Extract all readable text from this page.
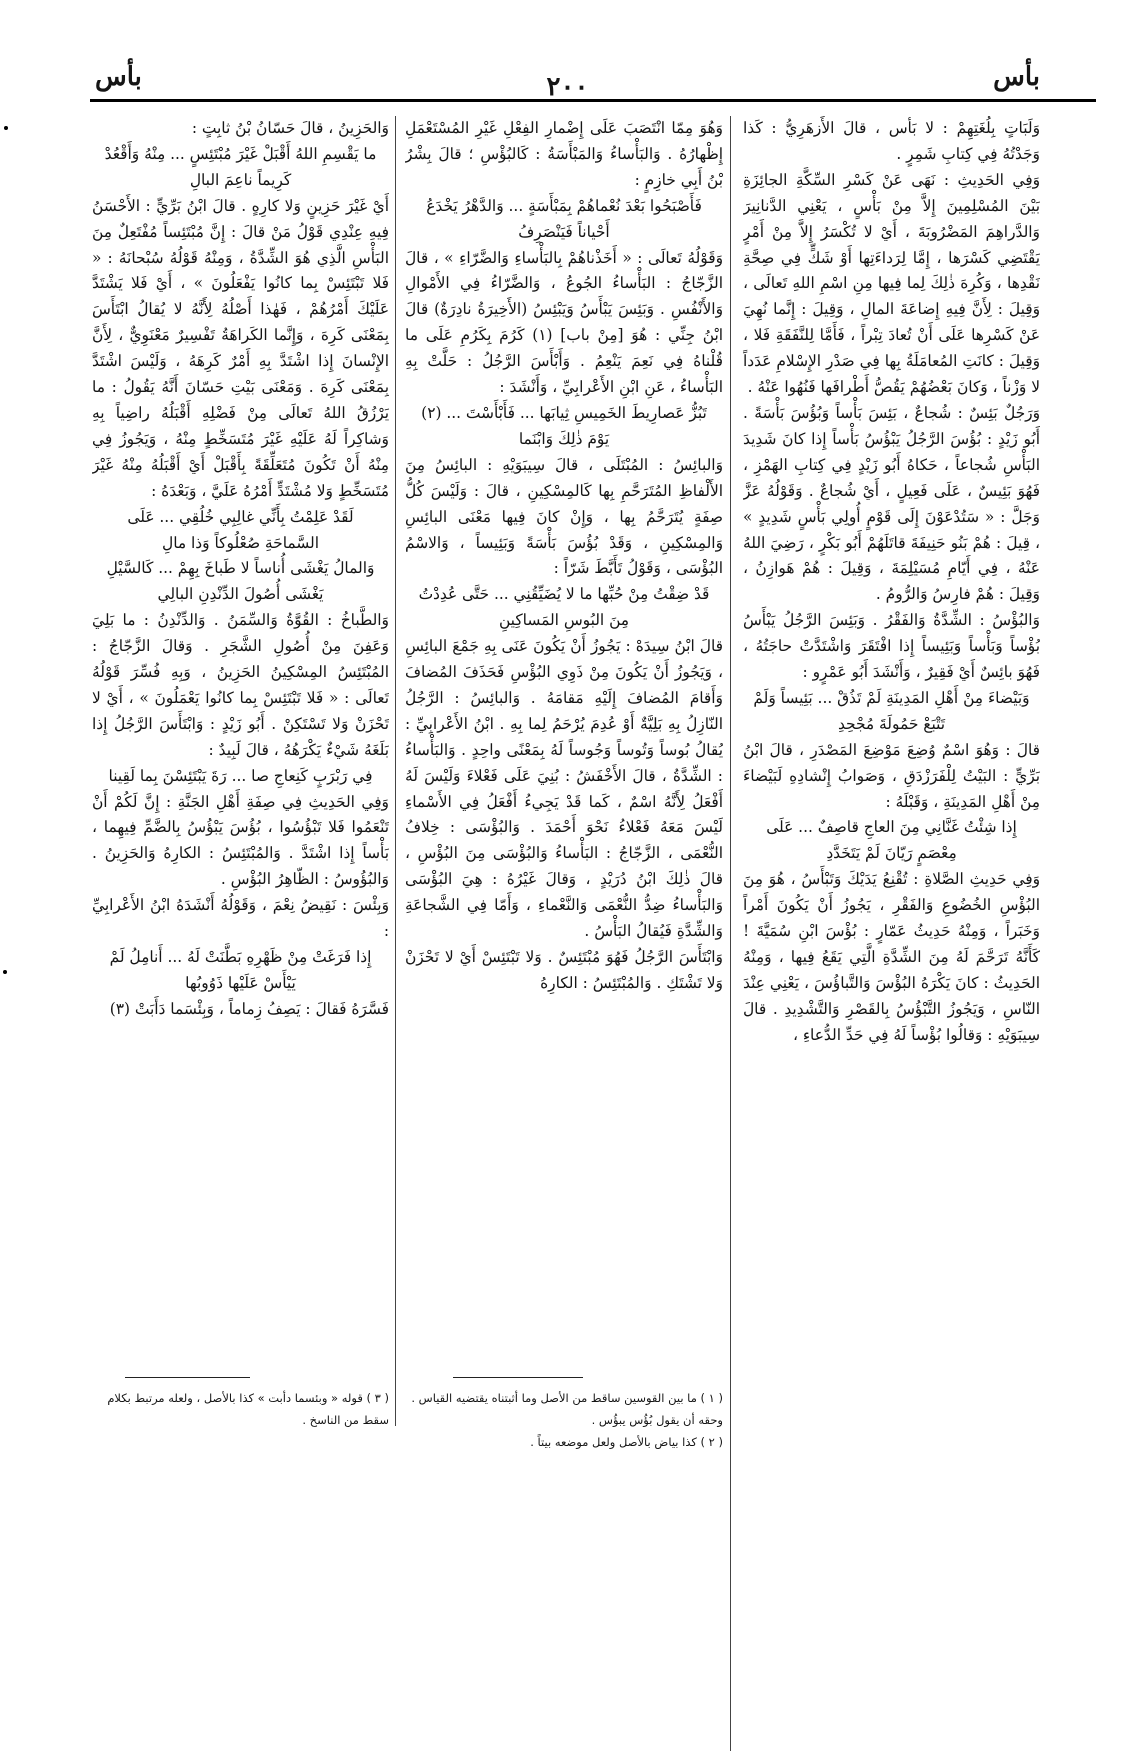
بأس
٢٠٠
بأس

وَلَبَاتٍ بِلُغَتِهِمْ : لا بَأْس ، قالَ الأَزهَرِيُّ : كَذا وَجَدْتُهُ فِي كِتابِ شَمِرٍ .

وَفِي الحَدِيثِ : نَهَى عَنْ كَسْرِ السِّكَّةِ الجائِزَةِ بَيْنَ المُسْلِمِينَ إِلاَّ مِنْ بَأْسٍ ، يَعْنِي الدَّنانِيرَ وَالدَّراهِمَ المَضْرُوبَةَ ، أَيْ لا تُكْسَرُ إِلاَّ مِنْ أَمْرٍ يَقْتَضِي كَسْرَها ، إِمَّا لِرَداءَتِها أَوْ شَكٍّ فِي صِحَّةِ نَقْدِها ، وَكُرِهَ ذٰلِكَ لِما فِيها مِنِ اسْمِ اللهِ تَعالَى ، وَقِيلَ : لِأَنَّ فِيهِ إِضاعَةَ المالِ ، وَقِيلَ : إِنَّما نُهِيَ عَنْ كَسْرِها عَلَى أَنْ تُعادَ تِبْراً ، فَأَمَّا لِلنَّفَقَةِ فَلا ، وَقِيلَ : كانَتِ المُعامَلَةُ بِها فِي صَدْرِ الإِسْلامِ عَدَداً لا وَزْناً ، وَكانَ بَعْضُهُمْ يَقُصُّ أَطْرافَها فَنُهُوا عَنْهُ .

وَرَجُلٌ بَئِسٌ : شُجاعٌ ، بَئِسَ بَأْساً وَبُؤُسَ بَأْسَةً . أَبُو زَيْدٍ : بُؤُسَ الرَّجُلُ يَبْؤُسُ بَأْساً إِذا كانَ شَدِيدَ البَأْسِ شُجاعاً ، حَكاهُ أَبُو زَيْدٍ فِي كِتابِ الهَمْزِ ، فَهُوَ بَئِيسٌ ، عَلَى فَعِيلٍ ، أَيْ شُجاعٌ . وَقَوْلُهُ عَزَّ وَجَلَّ : « سَتُدْعَوْنَ إِلَى قَوْمٍ أُولِي بَأْسٍ شَدِيدٍ » ، قِيلَ : هُمْ بَنُو حَنِيفَةَ قاتَلَهُمْ أَبُو بَكْرٍ ، رَضِيَ اللهُ عَنْهُ ، فِي أَيّامِ مُسَيْلِمَةَ ، وَقِيلَ : هُمْ هَوازِنُ ، وَقِيلَ : هُمْ فارِسُ وَالرُّومُ .

وَالبُؤْسُ : الشِّدَّةُ وَالفَقْرُ . وَبَئِسَ الرَّجُلُ يَبْأَسُ بُؤْساً وَبَأْساً وَبَئِيساً إِذا افْتَقَرَ وَاشْتَدَّتْ حاجَتُهُ ، فَهُوَ بائِسٌ أَيْ فَقِيرٌ ، وَأَنْشَدَ أَبُو عَمْرٍو :

وَبَيْضاءَ مِنْ أَهْلِ المَدِينَةِ لَمْ تَذُقْ ... بَئِيساً وَلَمْ تَتْبَعْ حَمُولَةَ مُجْحِدِ

قالَ : وَهُوَ اسْمٌ وُضِعَ مَوْضِعَ المَصْدَرِ ، قالَ ابْنُ بَرِّيٍّ : البَيْتُ لِلْفَرَزْدَقِ ، وَصَوابُ إِنْشادِهِ لَبَيْضاءَ مِنْ أَهْلِ المَدِينَةِ ، وَقَبْلَهُ :

إِذا شِئْتُ غَنَّانِي مِنَ العاجِ قاصِفٌ ... عَلَى مِعْصَمٍ رَيّانَ لَمْ يَتَخَدَّدِ

وَفِي حَدِيثِ الصَّلاةِ : تُقْنِعُ يَدَيْكَ وَتَبْأَسُ ، هُوَ مِنَ البُؤْسِ الخُضُوعِ وَالفَقْرِ ، يَجُوزُ أَنْ يَكُونَ أَمْراً وَخَبَراً ، وَمِنْهُ حَدِيثُ عَمّارٍ : بُؤْسَ ابْنِ سُمَيَّةَ ! كَأَنَّهُ تَرَحَّمَ لَهُ مِنَ الشِّدَّةِ الَّتِي يَقَعُ فِيها ، وَمِنْهُ الحَدِيثُ : كانَ يَكْرَهُ البُؤْسَ وَالتَّباؤُسَ ، يَعْنِي عِنْدَ النّاسِ ، وَيَجُوزُ التَّبْؤُسُ بِالقَصْرِ وَالتَّشْدِيدِ . قالَ سِيبَوَيْهِ : وَقالُوا بُؤْساً لَهُ فِي حَدِّ الدُّعاءِ ،

وَهُوَ مِمّا انْتَصَبَ عَلَى إِضْمارِ الفِعْلِ غَيْرِ المُسْتَعْمَلِ إِظْهارُهُ . وَالبَأْساءُ وَالمَبْأَسَةُ : كَالبُؤْسِ ؛ قالَ بِشْرُ بْنُ أَبِي خازِمٍ :

فَأَصْبَحُوا بَعْدَ نُعْماهُمْ بِمَبْأَسَةٍ ... وَالدَّهْرُ يَخْدَعُ أَحْياناً فَيَنْصَرِفُ

وَقَوْلُهُ تَعالَى : « أَخَذْناهُمْ بِالبَأْساءِ وَالضَّرّاءِ » ، قالَ الزَّجّاجُ : البَأْساءُ الجُوعُ ، وَالضَّرّاءُ فِي الأَمْوالِ وَالأَنْفُسِ . وَبَئِسَ يَبْأَسُ وَيَبْئِسُ (الأَخِيرَةُ نادِرَةٌ) قالَ ابْنُ جِنِّي : هُوَ [مِنْ باب] (١) كَرُمَ بِكَرُمِ عَلَى ما قُلْناهُ فِي نَعِمَ يَنْعِمُ . وَأَبْأَسَ الرَّجُلُ : حَلَّتْ بِهِ البَأْساءُ ، عَنِ ابْنِ الأَعْرابِيِّ ، وَأَنْشَدَ :

تَبُزُّ عَصارِيطَ الخَمِيسِ ثِيابَها ... فَأَبْأَسْتَ ... (٢) يَوْمَ ذٰلِكَ وَابْنَما

وَالبائِسُ : المُبْتَلَى ، قالَ سِيبَوَيْهِ : البائِسُ مِنَ الأَلْفاظِ المُتَرَحَّمِ بِها كَالمِسْكِينِ ، قالَ : وَلَيْسَ كُلُّ صِفَةٍ يُتَرَحَّمُ بِها ، وَإِنْ كانَ فِيها مَعْنَى البائِسِ وَالمِسْكِينِ ، وَقَدْ بُؤُسَ بَأْسَةً وَبَئِيساً ، وَالاسْمُ البُؤْسَى ، وَقَوْلُ تَأَبَّطَ شَرّاً :

قَدْ ضِقْتُ مِنْ حُبِّها ما لا يُضَيِّقُنِي ... حَتَّى عُدِدْتُ مِنَ البُوسِ المَساكِينِ

قالَ ابْنُ سِيدَهْ : يَجُوزُ أَنْ يَكُونَ عَنَى بِهِ جَمْعَ البائِسِ ، وَيَجُوزُ أَنْ يَكُونَ مِنْ ذَوِي البُؤْسِ فَحَذَفَ المُضافَ وَأَقامَ المُضافَ إِلَيْهِ مَقامَهُ . وَالبائِسُ : الرَّجُلُ النّازِلُ بِهِ بَلِيَّةٌ أَوْ عُدِمَ يُرْحَمُ لِما بِهِ . ابْنُ الأَعْرابِيِّ : يُقالُ بُوساً وَتُوساً وَجُوساً لَهُ بِمَعْنًى واحِدٍ . وَالبَأْساءُ : الشِّدَّةُ ، قالَ الأَخْفَشُ : بُنِيَ عَلَى فَعْلاءَ وَلَيْسَ لَهُ أَفْعَلُ لِأَنَّهُ اسْمٌ ، كَما قَدْ يَجِيءُ أَفْعَلُ فِي الأَسْماءِ لَيْسَ مَعَهُ فَعْلاءُ نَحْوَ أَحْمَدَ . وَالبُؤْسَى : خِلافُ النُّعْمَى ، الزَّجّاجُ : البَأْساءُ وَالبُؤْسَى مِنَ البُؤْسِ ، قالَ ذٰلِكَ ابْنُ دُرَيْدٍ ، وَقالَ غَيْرُهُ : هِيَ البُؤْسَى وَالبَأْساءُ ضِدُّ النُّعْمَى وَالنَّعْماءِ ، وَأَمّا فِي الشَّجاعَةِ وَالشِّدَّةِ فَيُقالُ البَأْسُ .

وَابْتَأَسَ الرَّجُلُ فَهُوَ مُبْتَئِسٌ . وَلا تَبْتَئِسْ أَيْ لا تَحْزَنْ وَلا تَشْتَكِ . وَالمُبْتَئِسُ : الكارِهُ

وَالحَزِينُ ، قالَ حَسّانُ بْنُ ثابِتٍ :

ما يَقْسِمِ اللهُ أَقْبَلْ غَيْرَ مُبْتَئِسٍ ... مِنْهُ وَأَقْعُدْ كَرِيماً ناعِمَ البالِ

أَيْ غَيْرَ حَزِينٍ وَلا كارِهٍ . قالَ ابْنُ بَرِّيٍّ : الأَحْسَنُ فِيهِ عِنْدِي قَوْلُ مَنْ قالَ : إِنَّ مُبْتَئِساً مُفْتَعِلٌ مِنَ البَأْسِ الَّذِي هُوَ الشِّدَّةُ ، وَمِنْهُ قَوْلُهُ سُبْحانَهُ : « فَلا تَبْتَئِسْ بِما كانُوا يَفْعَلُونَ » ، أَيْ فَلا يَشْتَدَّ عَلَيْكَ أَمْرُهُمْ ، فَهٰذا أَصْلُهُ لِأَنَّهُ لا يُقالُ ابْتَأَسَ بِمَعْنَى كَرِهَ ، وَإِنَّما الكَراهَةُ تَفْسِيرٌ مَعْنَوِيٌّ ، لِأَنَّ الإِنْسانَ إِذا اشْتَدَّ بِهِ أَمْرٌ كَرِهَهُ ، وَلَيْسَ اشْتَدَّ بِمَعْنَى كَرِهَ . وَمَعْنَى بَيْتِ حَسّانَ أَنَّهُ يَقُولُ : ما يَرْزُقُ اللهُ تَعالَى مِنْ فَضْلِهِ أَقْبَلُهُ راضِياً بِهِ وَشاكِراً لَهُ عَلَيْهِ غَيْرَ مُتَسَخِّطٍ مِنْهُ ، وَيَجُوزُ فِي مِنْهُ أَنْ تَكُونَ مُتَعَلِّقَةً بِأَقْبَلْ أَيْ أَقْبَلُهُ مِنْهُ غَيْرَ مُتَسَخِّطٍ وَلا مُشْتَدٍّ أَمْرُهُ عَلَيَّ ، وَبَعْدَهُ :

لَقَدْ عَلِمْتُ بِأَنِّي غالِبِي خُلُقِي ... عَلَى السَّماحَةِ صُعْلُوكاً وَذا مالِ

وَالمالُ يَغْشَى أُناساً لا طَباخَ بِهِمْ ... كَالسَّيْلِ يَغْشَى أُصُولَ الدِّنْدِنِ البالِي

وَالطَّباخُ : القُوَّةُ وَالسِّمَنُ . وَالدِّنْدِنُ : ما بَلِيَ وَعَفِنَ مِنْ أُصُولِ الشَّجَرِ . وَقالَ الزَّجّاجُ : المُبْتَئِسُ المِسْكِينُ الحَزِينُ ، وَبِهِ فُسِّرَ قَوْلُهُ تَعالَى : « فَلا تَبْتَئِسْ بِما كانُوا يَعْمَلُونَ » ، أَيْ لا تَحْزَنْ وَلا تَسْتَكِنْ . أَبُو زَيْدٍ : وَابْتَأَسَ الرَّجُلُ إِذا بَلَغَهُ شَيْءٌ يَكْرَهُهُ ، قالَ لَبِيدٌ :

فِي رَبْرَبٍ كَنِعاجِ صا ... رَةَ يَبْتَئِسْنَ بِما لَقِينا

وَفِي الحَدِيثِ فِي صِفَةِ أَهْلِ الجَنَّةِ : إِنَّ لَكُمْ أَنْ تَنْعَمُوا فَلا تَبْؤُسُوا ، بُؤُسَ يَبْؤُسُ بِالضَّمِّ فِيهِما ، بَأْساً إِذا اشْتَدَّ . وَالمُبْتَئِسُ : الكارِهُ وَالحَزِينُ . وَالبُؤُوسُ : الظّاهِرُ البُؤْسِ .

وَبِئْسَ : نَقِيضُ نِعْمَ ، وَقَوْلُهُ أَنْشَدَهُ ابْنُ الأَعْرابِيِّ :

إِذا فَرَغَتْ مِنْ ظَهْرِهِ بَطَّنَتْ لَهُ ... أَنامِلُ لَمْ يَيْأَسْ عَلَيْها ذَوُوبُها

فَسَّرَهُ فَقالَ : يَصِفُ زِماماً ، وَبِئْسَما دَأَبَتْ (٣)

( ١ ) ما بين القوسين ساقط من الأصل وما أثبتناه يقتضيه القياس . وحقه أن يقول بُؤُس يبؤُس .

( ٢ ) كذا بياض بالأصل ولعل موضعه بيتاً .

( ٣ ) قوله « وبئسما دأبت » كذا بالأصل ، ولعله مرتبط بكلام سقط من الناسخ .
